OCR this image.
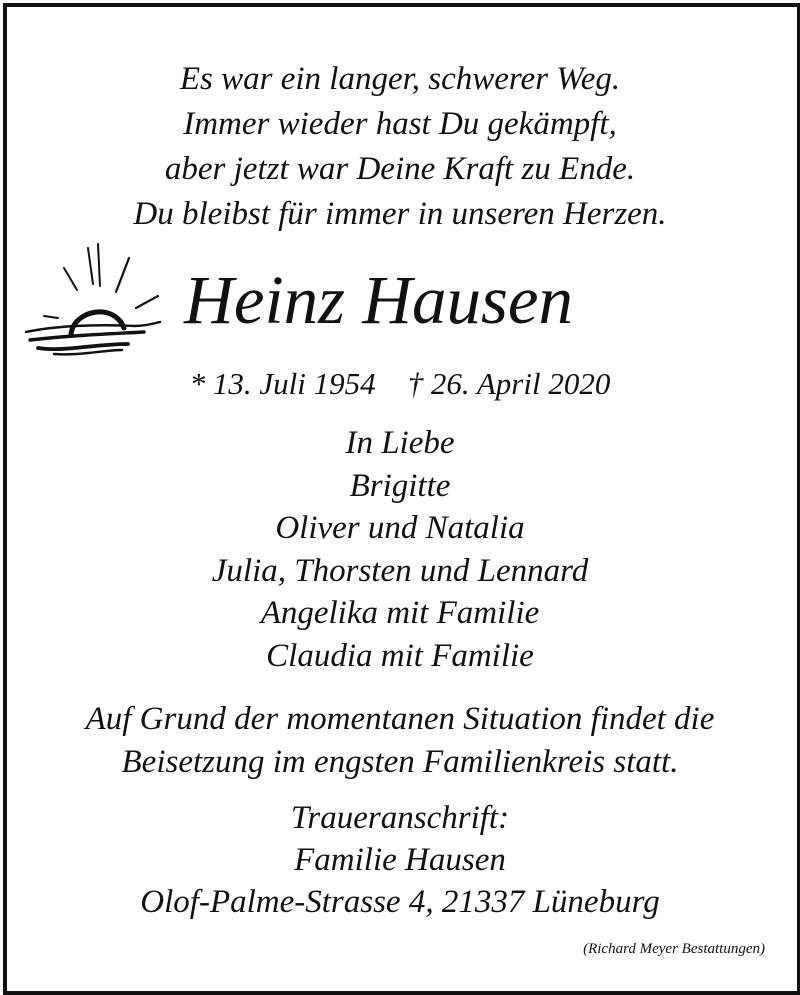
Es war ein langer, schwerer Weg.
Immer wieder hast Du gekämpft,
aber jetzt war Deine Kraft zu Ende.
Du bleibst für immer in unseren Herzen.
Heinz Hausen
* 13. Juli 1954 † 26. April 2020
In Liebe
Brigitte
Oliver und Natalia
Julia, Thorsten und Lennard
Angelika mit Familie
Claudia mit Familie
Auf Grund der momentanen Situation findet die
Beisetzung im engsten Familienkreis statt.
Traueranschrift:
Familie Hausen
Olof-Palme-Strasse 4, 21337 Lüneburg
(Richard Meyer Bestattungen)
